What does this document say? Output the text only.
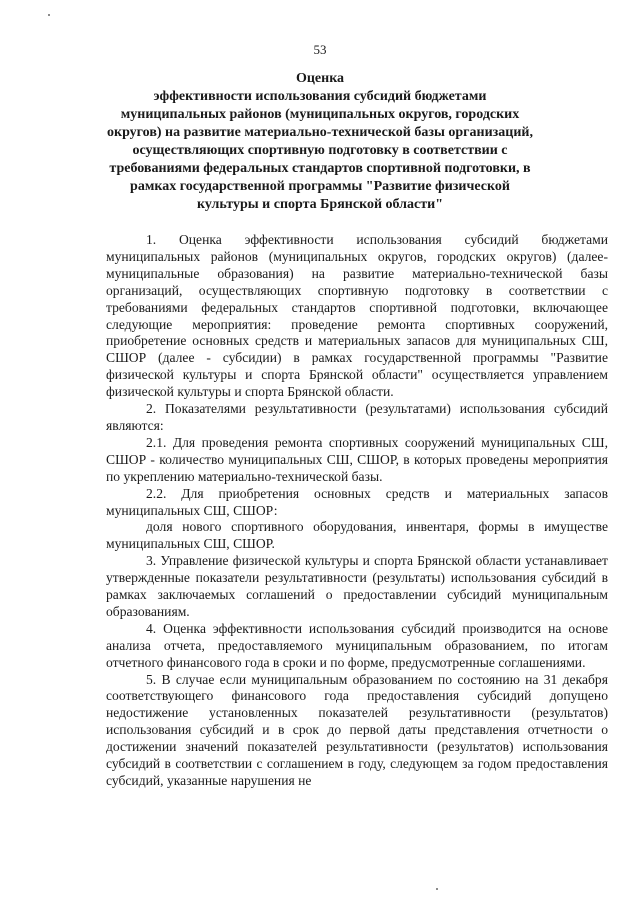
53
Оценка
эффективности использования субсидий бюджетами муниципальных районов (муниципальных округов, городских округов) на развитие материально-технической базы организаций, осуществляющих спортивную подготовку в соответствии с требованиями федеральных стандартов спортивной подготовки, в рамках государственной программы "Развитие физической культуры и спорта Брянской области"

1. Оценка эффективности использования субсидий бюджетами муниципальных районов (муниципальных округов, городских округов) (далее-муниципальные образования) на развитие материально-технической базы организаций, осуществляющих спортивную подготовку в соответствии с требованиями федеральных стандартов спортивной подготовки, включающее следующие мероприятия: проведение ремонта спортивных сооружений, приобретение основных средств и материальных запасов для муниципальных СШ, СШОР (далее - субсидии) в рамках государственной программы "Развитие физической культуры и спорта Брянской области" осуществляется управлением физической культуры и спорта Брянской области.

2. Показателями результативности (результатами) использования субсидий являются:

2.1. Для проведения ремонта спортивных сооружений муниципальных СШ, СШОР - количество муниципальных СШ, СШОР, в которых проведены мероприятия по укреплению материально-технической базы.

2.2. Для приобретения основных средств и материальных запасов муниципальных СШ, СШОР:

доля нового спортивного оборудования, инвентаря, формы в имуществе муниципальных СШ, СШОР.

3. Управление физической культуры и спорта Брянской области устанавливает утвержденные показатели результативности (результаты) использования субсидий в рамках заключаемых соглашений о предоставлении субсидий муниципальным образованиям.

4. Оценка эффективности использования субсидий производится на основе анализа отчета, предоставляемого муниципальным образованием, по итогам отчетного финансового года в сроки и по форме, предусмотренные соглашениями.

5. В случае если муниципальным образованием по состоянию на 31 декабря соответствующего финансового года предоставления субсидий допущено недостижение установленных показателей результативности (результатов) использования субсидий и в срок до первой даты представления отчетности о достижении значений показателей результативности (результатов) использования субсидий в соответствии с соглашением в году, следующем за годом предоставления субсидий, указанные нарушения не
